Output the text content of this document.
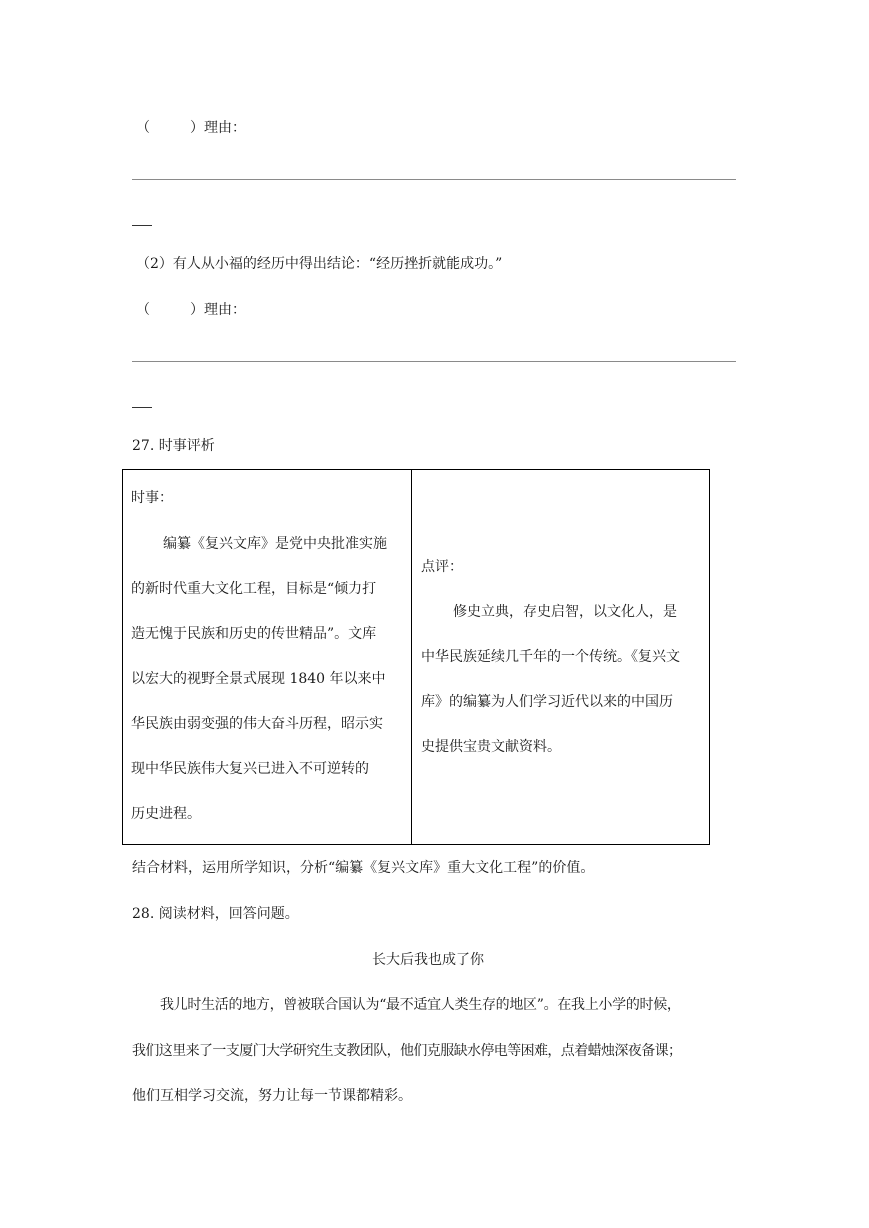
（	）理由：
（2）有人从小福的经历中得出结论：“经历挫折就能成功。”
（	）理由：
27. 时事评析
时事：
编纂《复兴文库》是党中央批准实施
的新时代重大文化工程，目标是“倾力打
造无愧于民族和历史的传世精品”。文库
以宏大的视野全景式展现 1840 年以来中
华民族由弱变强的伟大奋斗历程，昭示实
现中华民族伟大复兴已进入不可逆转的
历史进程。
点评：
修史立典，存史启智，以文化人，是
中华民族延续几千年的一个传统。《复兴文
库》的编纂为人们学习近代以来的中国历
史提供宝贵文献资料。
结合材料，运用所学知识，分析“编纂《复兴文库》重大文化工程”的价值。
28. 阅读材料，回答问题。
长大后我也成了你
我儿时生活的地方，曾被联合国认为“最不适宜人类生存的地区”。在我上小学的时候，
我们这里来了一支厦门大学研究生支教团队，他们克服缺水停电等困难，点着蜡烛深夜备课；
他们互相学习交流，努力让每一节课都精彩。
